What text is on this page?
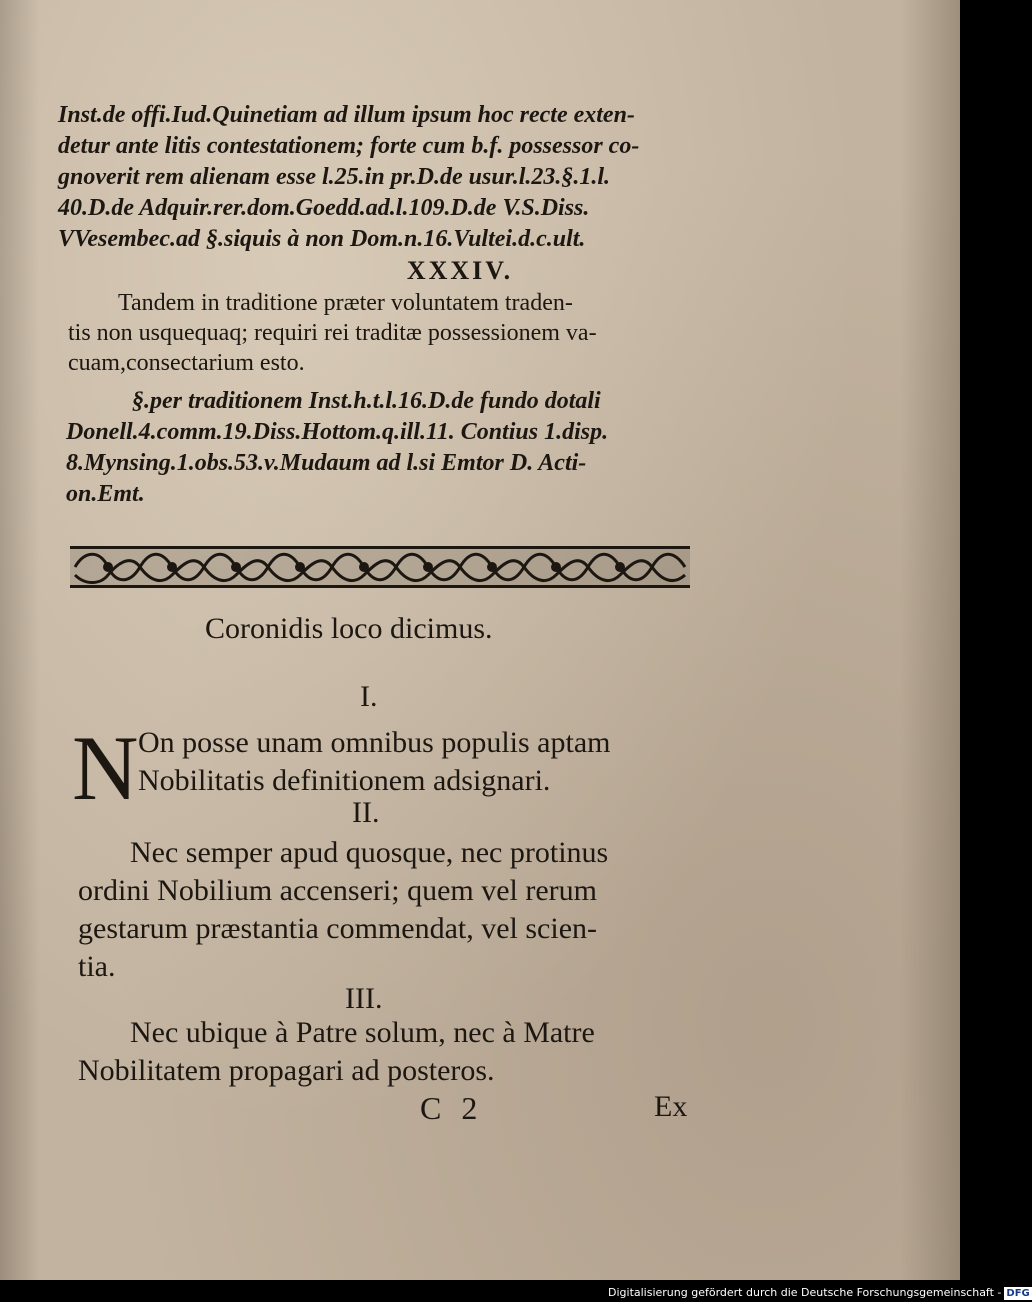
Inst.de offi.Iud.Quinetiam ad illum ipsum hoc recte exten-
detur ante litis contestationem; forte cum b.f. possessor co-
gnoverit rem alienam esse l.25.in pr.D.de usur.l.23.§.1.l.
40.D.de Adquir.rer.dom.Goedd.ad.l.109.D.de V.S.Diss.
VVesembec.ad §.siquis à non Dom.n.16.Vultei.d.c.ult.
XXXIV.
Tandem in traditione præter voluntatem traden-
tis non usquequaq; requiri rei traditæ possessionem va-
cuam,consectarium esto.
§.per traditionem Inst.h.t.l.16.D.de fundo dotali
Donell.4.comm.19.Diss.Hottom.q.ill.11. Contius 1.disp.
8.Mynsing.1.obs.53.v.Mudaum ad l.si Emtor D. Acti-
on.Emt.
Coronidis loco dicimus.
I.
N On posse unam omnibus populis aptam
Nobilitatis definitionem adsignari.
II.
Nec semper apud quosque, nec protinus
ordini Nobilium accenseri; quem vel rerum
gestarum præstantia commendat, vel scien-
tia.
III.
Nec ubique à Patre solum, nec à Matre
Nobilitatem propagari ad posteros.
C 2	Ex
Digitalisierung gefördert durch die Deutsche Forschungsgemeinschaft - DFG
